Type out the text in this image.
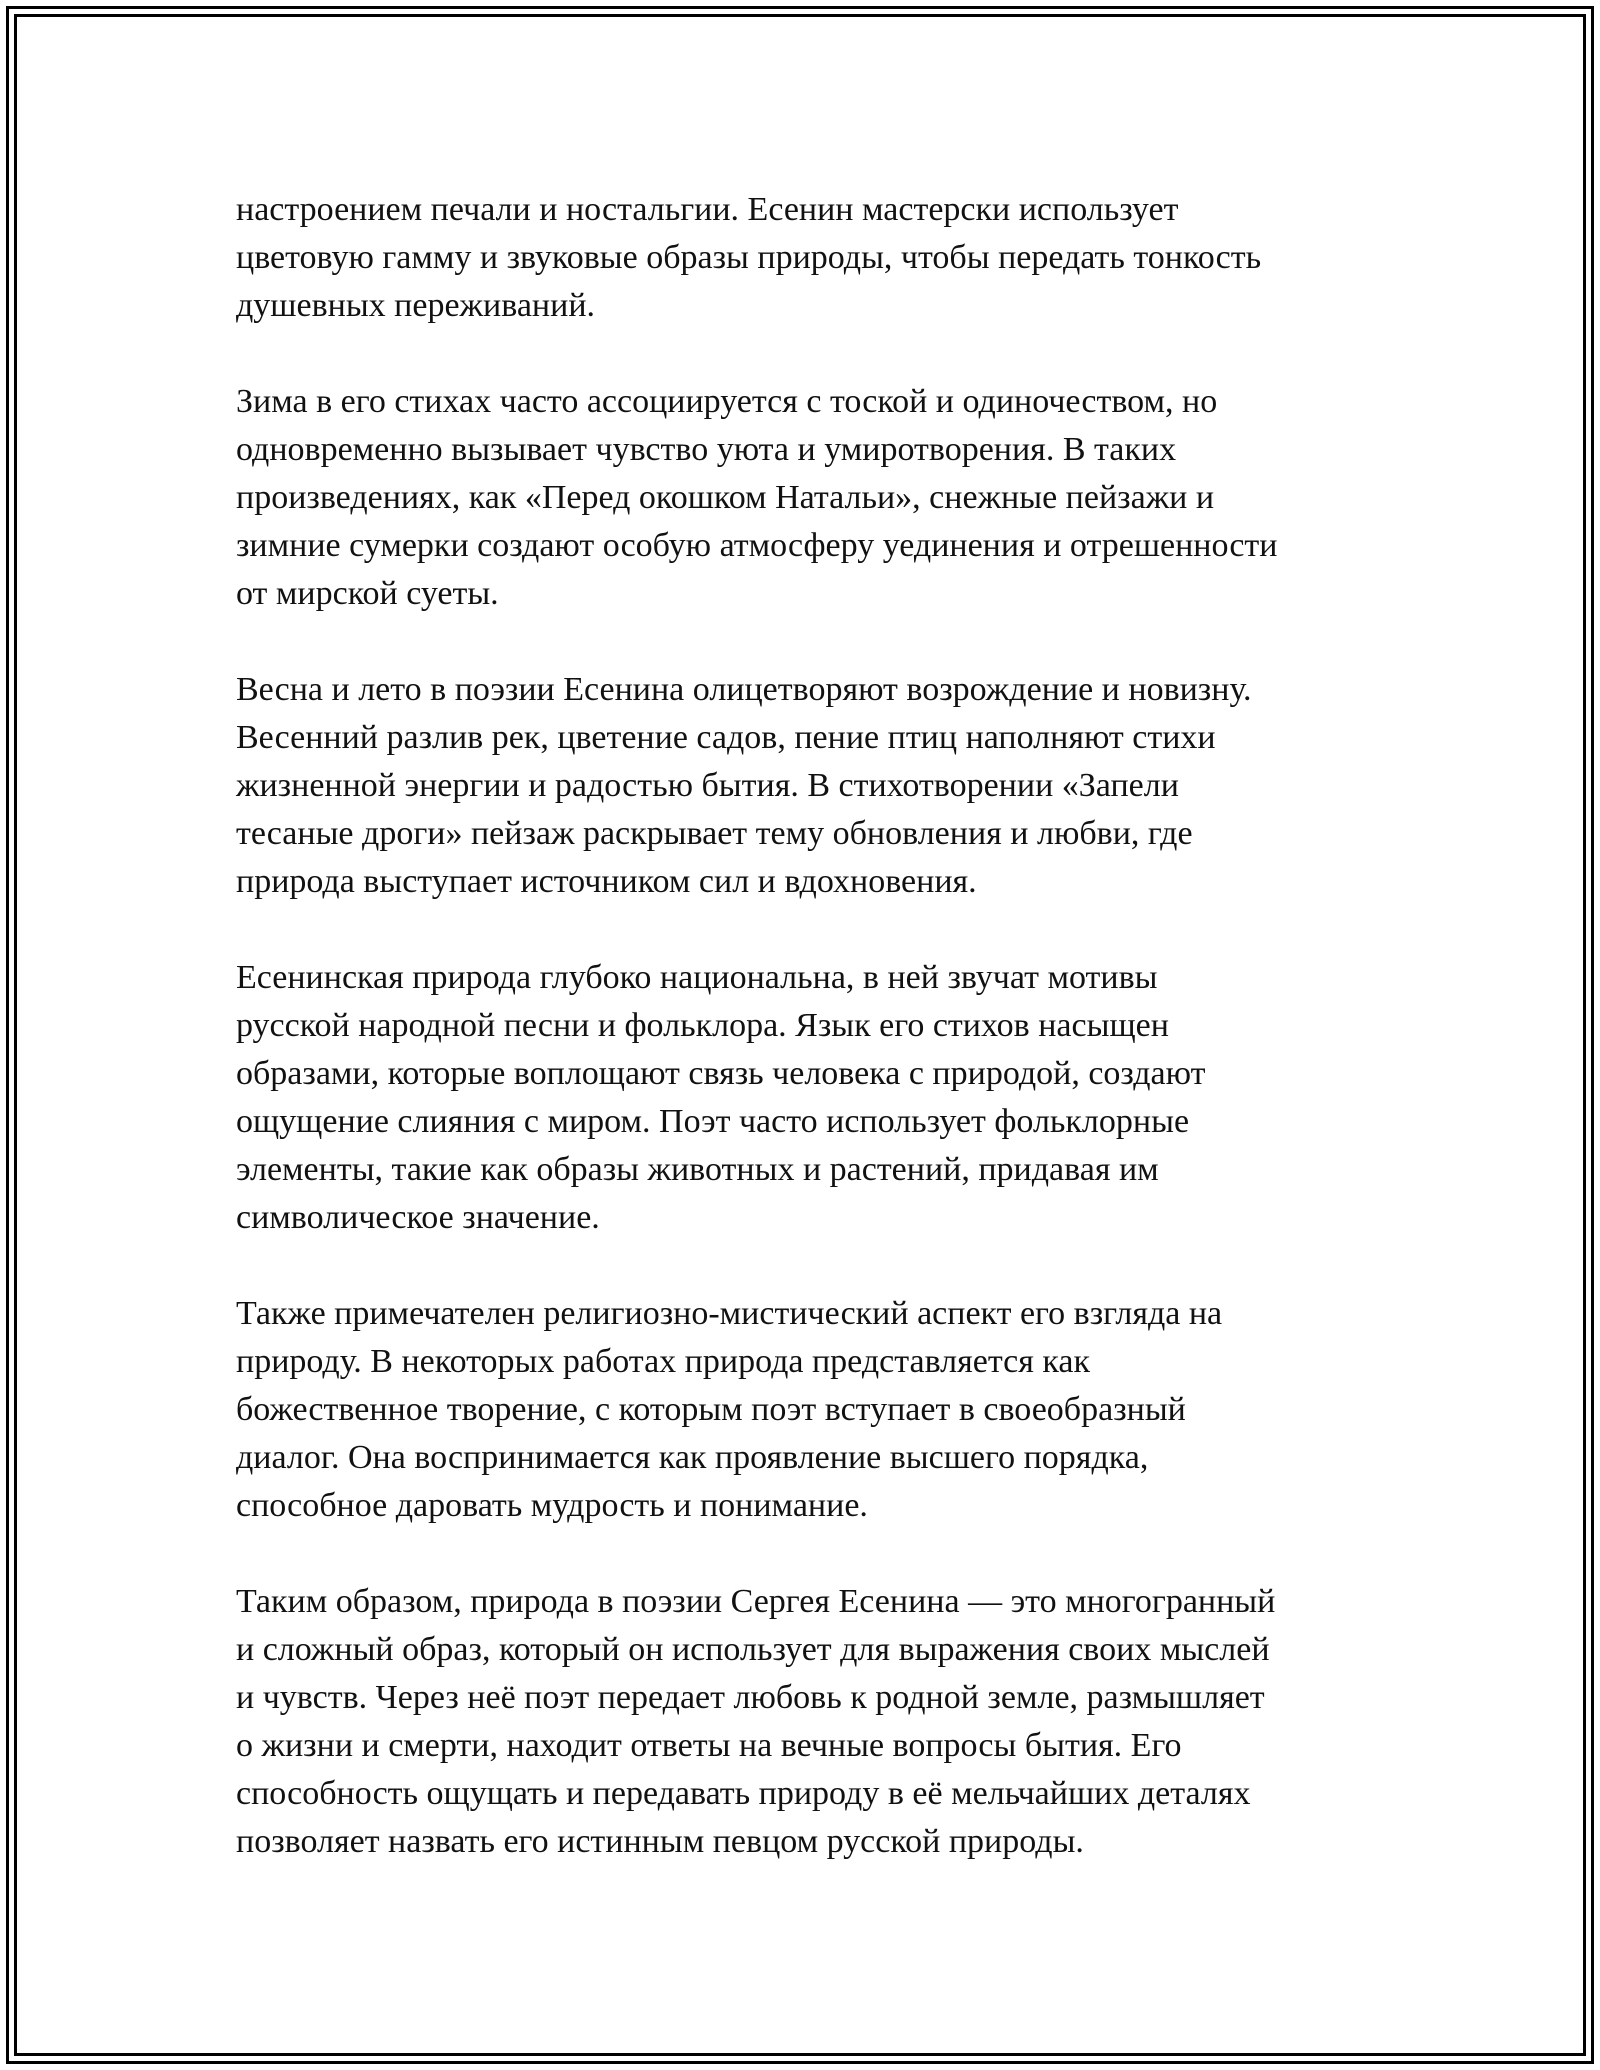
настроением печали и ностальгии. Есенин мастерски использует
цветовую гамму и звуковые образы природы, чтобы передать тонкость
душевных переживаний.

Зима в его стихах часто ассоциируется с тоской и одиночеством, но
одновременно вызывает чувство уюта и умиротворения. В таких
произведениях, как «Перед окошком Натальи», снежные пейзажи и
зимние сумерки создают особую атмосферу уединения и отрешенности
от мирской суеты.

Весна и лето в поэзии Есенина олицетворяют возрождение и новизну.
Весенний разлив рек, цветение садов, пение птиц наполняют стихи
жизненной энергии и радостью бытия. В стихотворении «Запели
тесаные дроги» пейзаж раскрывает тему обновления и любви, где
природа выступает источником сил и вдохновения.

Есенинская природа глубоко национальна, в ней звучат мотивы
русской народной песни и фольклора. Язык его стихов насыщен
образами, которые воплощают связь человека с природой, создают
ощущение слияния с миром. Поэт часто использует фольклорные
элементы, такие как образы животных и растений, придавая им
символическое значение.

Также примечателен религиозно-мистический аспект его взгляда на
природу. В некоторых работах природа представляется как
божественное творение, с которым поэт вступает в своеобразный
диалог. Она воспринимается как проявление высшего порядка,
способное даровать мудрость и понимание.

Таким образом, природа в поэзии Сергея Есенина — это многогранный
и сложный образ, который он использует для выражения своих мыслей
и чувств. Через неё поэт передает любовь к родной земле, размышляет
о жизни и смерти, находит ответы на вечные вопросы бытия. Его
способность ощущать и передавать природу в её мельчайших деталях
позволяет назвать его истинным певцом русской природы.
